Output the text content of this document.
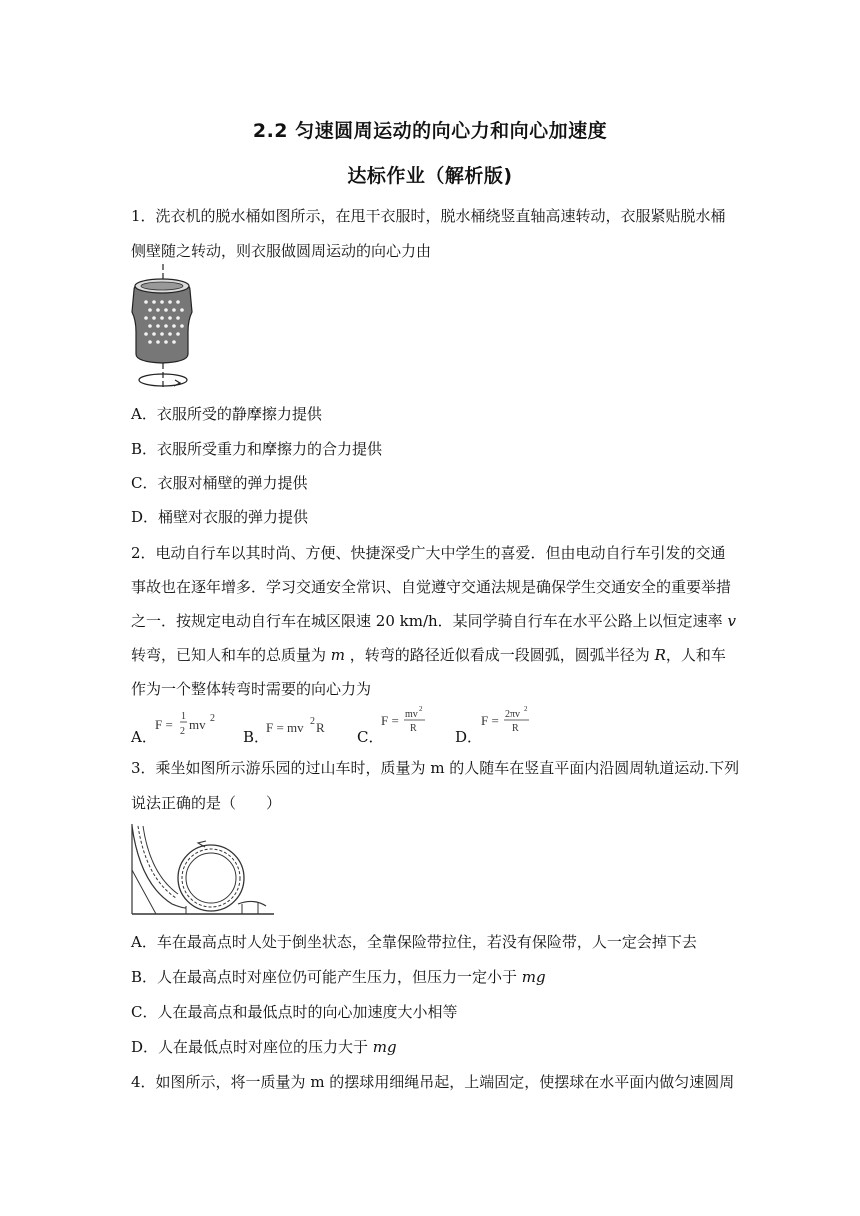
2.2 匀速圆周运动的向心力和向心加速度
达标作业（解析版)
1．洗衣机的脱水桶如图所示，在甩干衣服时，脱水桶绕竖直轴高速转动，衣服紧贴脱水桶
侧壁随之转动，则衣服做圆周运动的向心力由
A．衣服所受的静摩擦力提供
B．衣服所受重力和摩擦力的合力提供
C．衣服对桶壁的弹力提供
D．桶壁对衣服的弹力提供
2．电动自行车以其时尚、方便、快捷深受广大中学生的喜爱．但由电动自行车引发的交通
事故也在逐年增多．学习交通安全常识、自觉遵守交通法规是确保学生交通安全的重要举措
之一．按规定电动自行车在城区限速 20 km/h．某同学骑自行车在水平公路上以恒定速率 v
转弯，已知人和车的总质量为 m ，转弯的路径近似看成一段圆弧，圆弧半径为 R，人和车
作为一个整体转弯时需要的向心力为
A．
F =
1
2 mv 2
B．
F = mv 2 R
C．
F = mv 2
R	D．
F = 2πv 2
R
3．乘坐如图所示游乐园的过山车时，质量为 m 的人随车在竖直平面内沿圆周轨道运动.下列
说法正确的是（　　）
A．车在最高点时人处于倒坐状态，全靠保险带拉住，若没有保险带，人一定会掉下去
B．人在最高点时对座位仍可能产生压力，但压力一定小于 mg
C．人在最高点和最低点时的向心加速度大小相等
D．人在最低点时对座位的压力大于 mg
4．如图所示，将一质量为 m 的摆球用细绳吊起，上端固定，使摆球在水平面内做匀速圆周
